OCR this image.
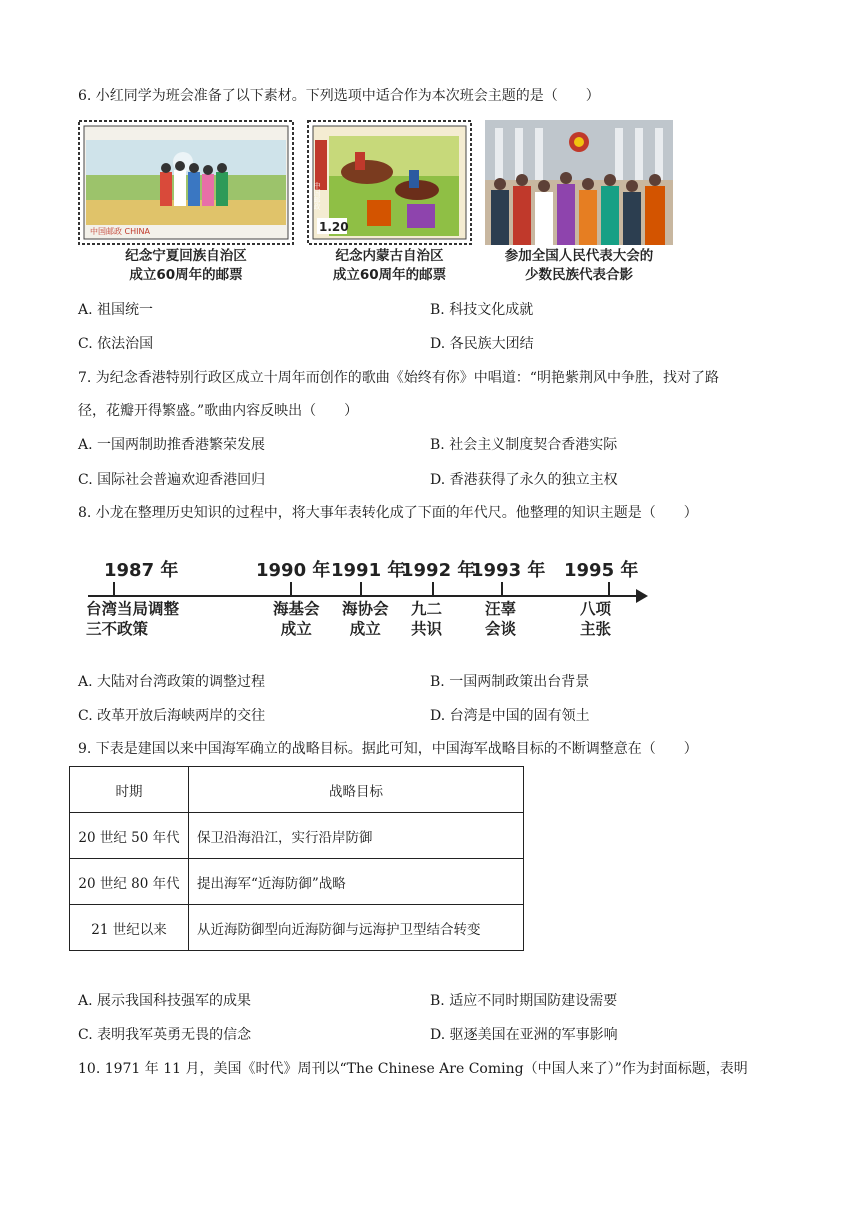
6. 小红同学为班会准备了以下素材。下列选项中适合作为本次班会主题的是（　　）
中国邮政 CHINA
纪念宁夏回族自治区
成立60周年的邮票
中国邮政
1.20
纪念内蒙古自治区
成立60周年的邮票
参加全国人民代表大会的
少数民族代表合影
A. 祖国统一	B. 科技文化成就
C. 依法治国	D. 各民族大团结
7. 为纪念香港特别行政区成立十周年而创作的歌曲《始终有你》中唱道：“明艳紫荆风中争胜，找对了路
径，花瓣开得繁盛。”歌曲内容反映出（　　）
A. 一国两制助推香港繁荣发展	B. 社会主义制度契合香港实际
C. 国际社会普遍欢迎香港回归	D. 香港获得了永久的独立主权
8. 小龙在整理历史知识的过程中，将大事年表转化成了下面的年代尺。他整理的知识主题是（　　）
1987 年	1990 年 1991 年
1992 年
1993 年 1995 年
台湾当局调整
三不政策
海基会
成立
海协会
成立
九二
共识
汪辜
会谈
八项
主张
A. 大陆对台湾政策的调整过程	B. 一国两制政策出台背景
C. 改革开放后海峡两岸的交往	D. 台湾是中国的固有领土
9. 下表是建国以来中国海军确立的战略目标。据此可知，中国海军战略目标的不断调整意在（　　）
时期	战略目标
20 世纪 50 年代	保卫沿海沿江，实行沿岸防御
20 世纪 80 年代	提出海军“近海防御”战略
21 世纪以来	从近海防御型向近海防御与远海护卫型结合转变
A. 展示我国科技强军的成果	B. 适应不同时期国防建设需要
C. 表明我军英勇无畏的信念	D. 驱逐美国在亚洲的军事影响
10. 1971 年 11 月，美国《时代》周刊以“The Chinese Are Coming（中国人来了）”作为封面标题，表明
